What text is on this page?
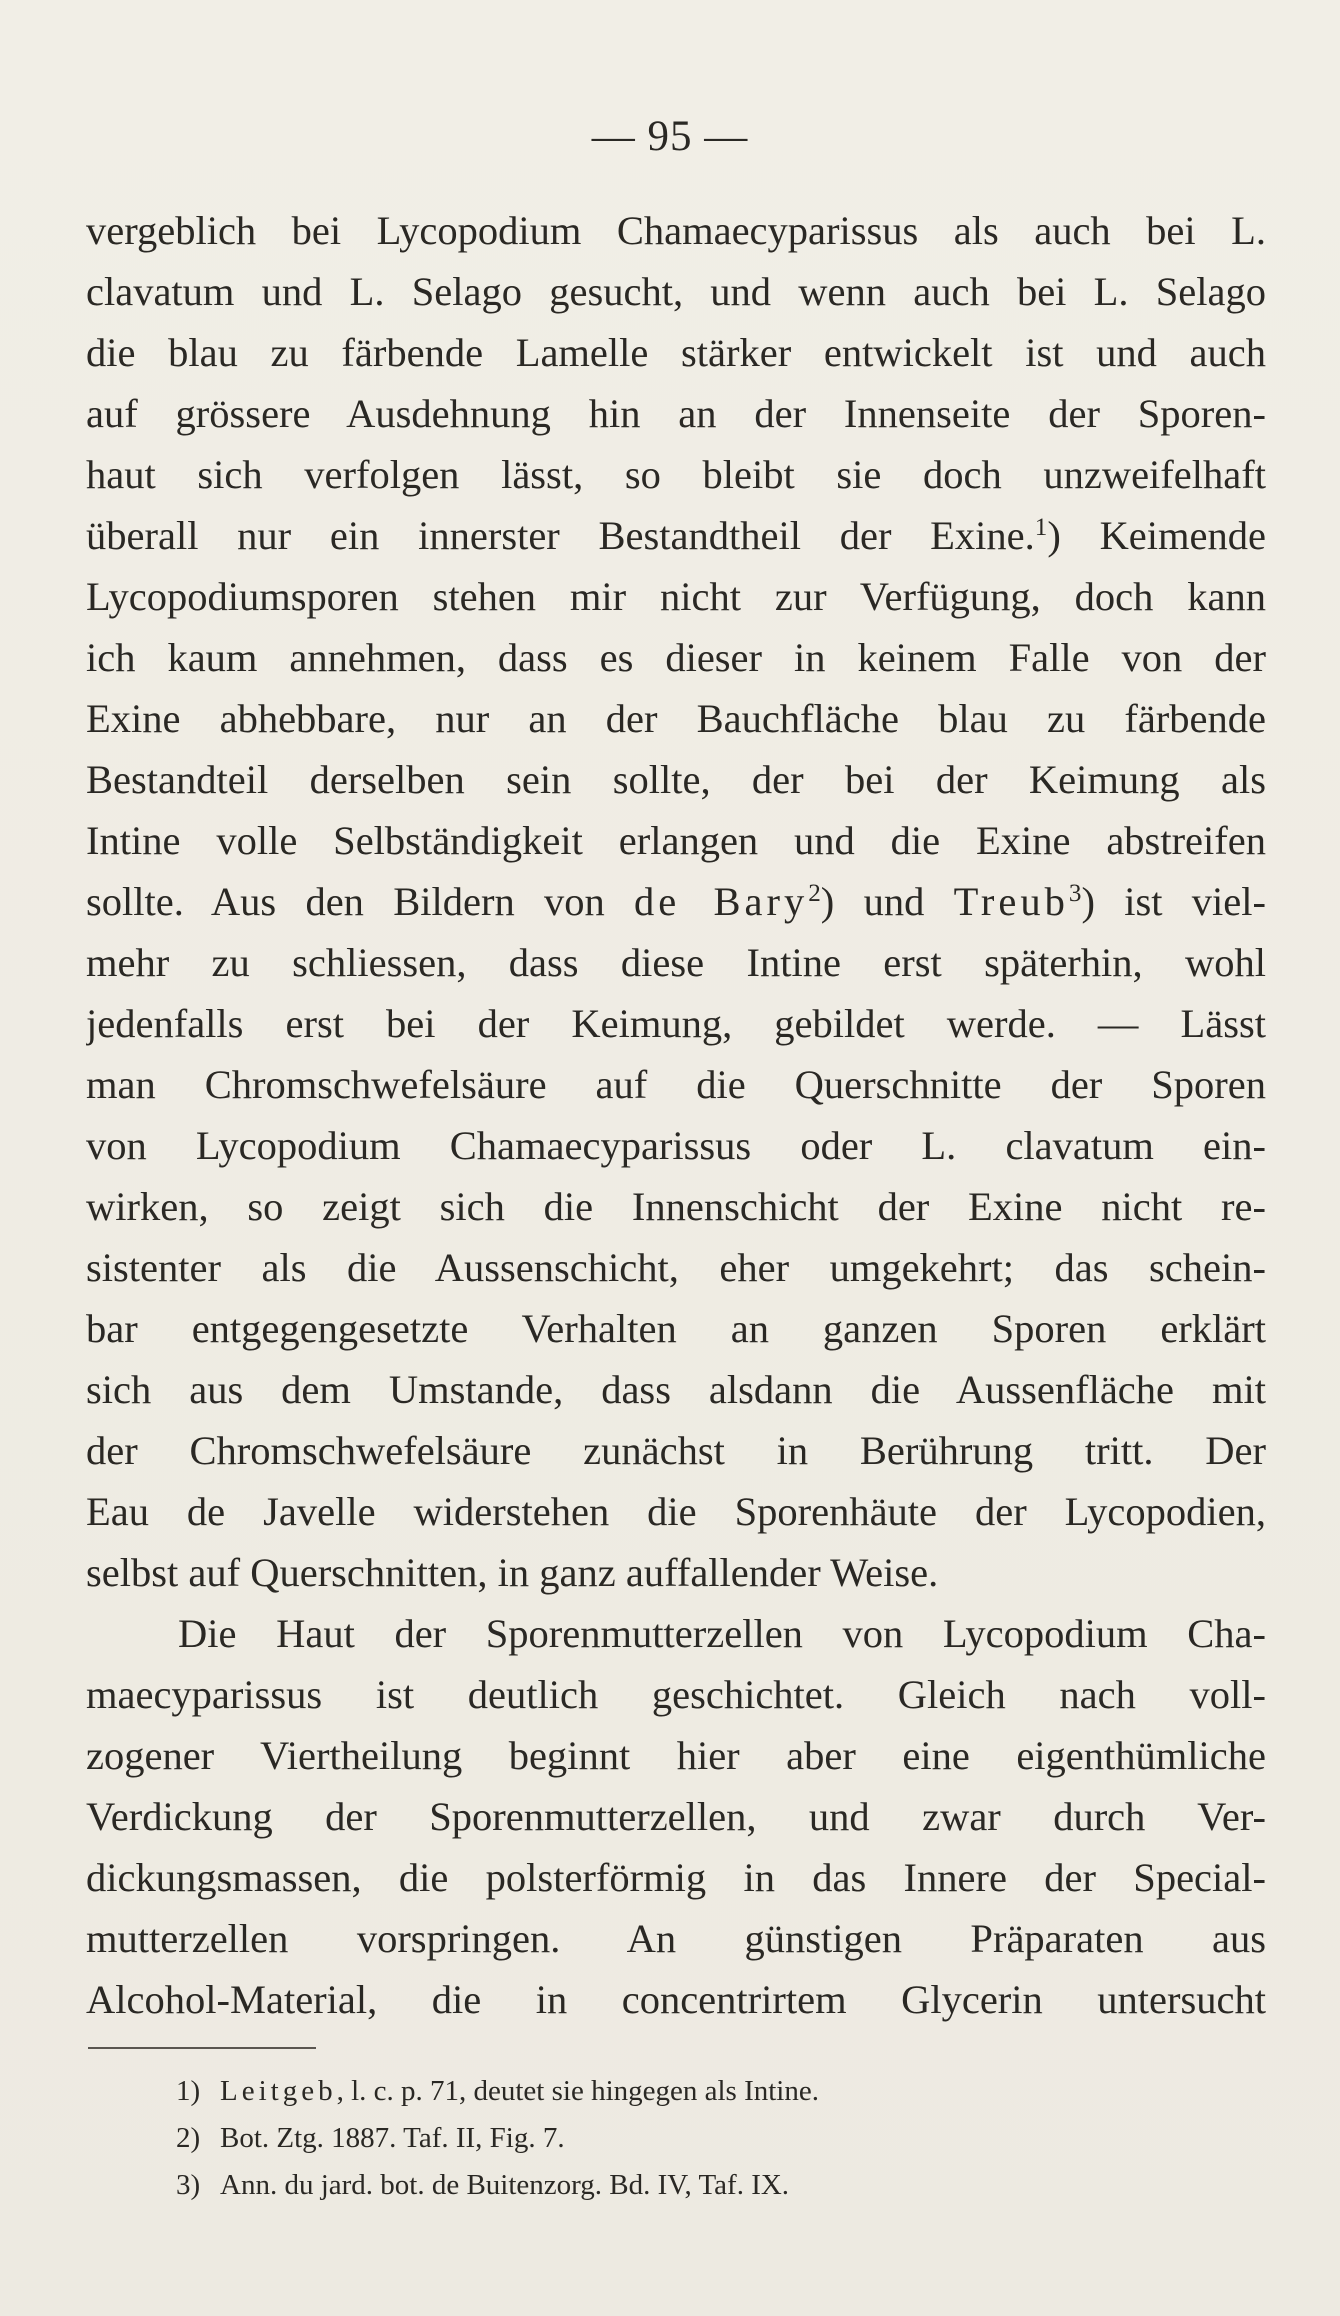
— 95 —
vergeblich bei Lycopodium Chamaecyparissus als auch bei L.
clavatum und L. Selago gesucht, und wenn auch bei L. Selago
die blau zu färbende Lamelle stärker entwickelt ist und auch
auf grössere Ausdehnung hin an der Innenseite der Sporen-
haut sich verfolgen lässt, so bleibt sie doch unzweifelhaft
überall nur ein innerster Bestandtheil der Exine.$^1$) Keimende
Lycopodiumsporen stehen mir nicht zur Verfügung, doch kann
ich kaum annehmen, dass es dieser in keinem Falle von der
Exine abhebbare, nur an der Bauchfläche blau zu färbende
Bestandteil derselben sein sollte, der bei der Keimung als
Intine volle Selbständigkeit erlangen und die Exine abstreifen
sollte. Aus den Bildern von de Bary$^2$) und Treub$^3$) ist viel-
mehr zu schliessen, dass diese Intine erst späterhin, wohl
jedenfalls erst bei der Keimung, gebildet werde. — Lässt
man Chromschwefelsäure auf die Querschnitte der Sporen
von Lycopodium Chamaecyparissus oder L. clavatum ein-
wirken, so zeigt sich die Innenschicht der Exine nicht re-
sistenter als die Aussenschicht, eher umgekehrt; das schein-
bar entgegengesetzte Verhalten an ganzen Sporen erklärt
sich aus dem Umstande, dass alsdann die Aussenfläche mit
der Chromschwefelsäure zunächst in Berührung tritt. Der
Eau de Javelle widerstehen die Sporenhäute der Lycopodien,
selbst auf Querschnitten, in ganz auffallender Weise.
Die Haut der Sporenmutterzellen von Lycopodium Cha-
maecyparissus ist deutlich geschichtet. Gleich nach voll-
zogener Viertheilung beginnt hier aber eine eigenthümliche
Verdickung der Sporenmutterzellen, und zwar durch Ver-
dickungsmassen, die polsterförmig in das Innere der Special-
mutterzellen vorspringen. An günstigen Präparaten aus
Alcohol-Material, die in concentrirtem Glycerin untersucht
1) Leitgeb, l. c. p. 71, deutet sie hingegen als Intine.
2) Bot. Ztg. 1887. Taf. II, Fig. 7.
3) Ann. du jard. bot. de Buitenzorg. Bd. IV, Taf. IX.
